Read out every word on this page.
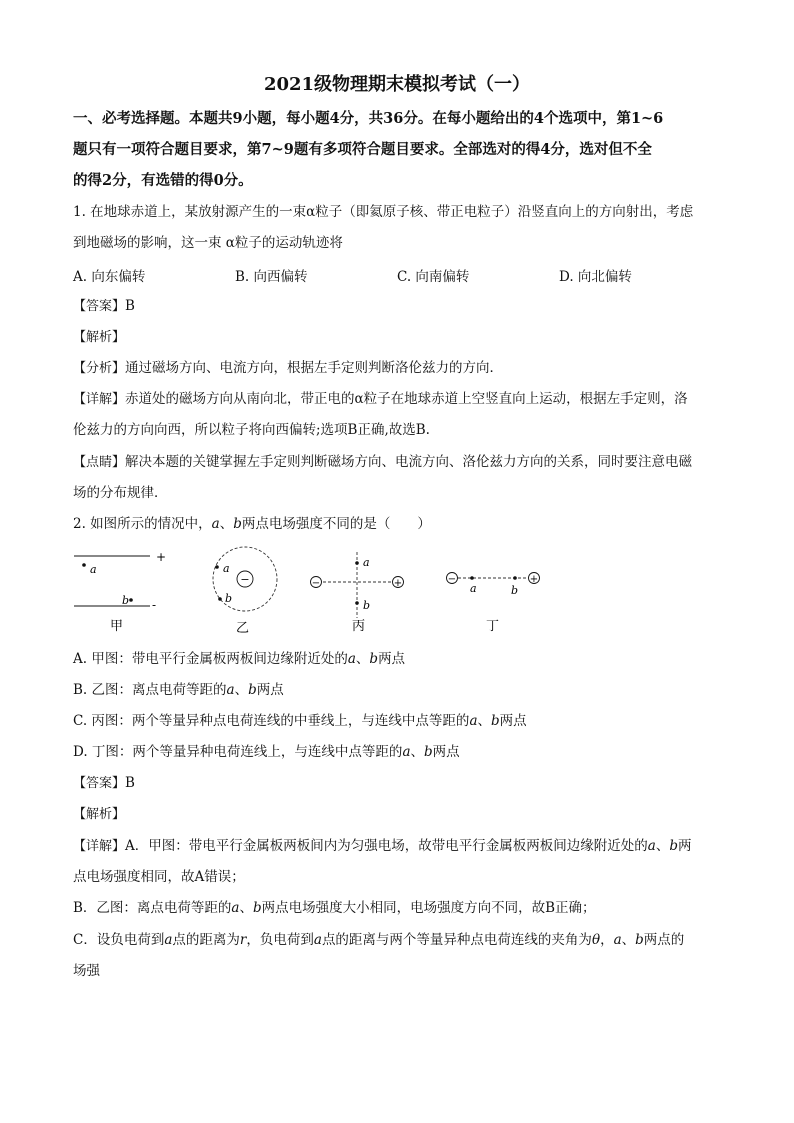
2021级物理期末模拟考试（一）
一、必考选择题。本题共9小题，每小题4分，共36分。在每小题给出的4个选项中，第1~6
题只有一项符合题目要求，第7~9题有多项符合题目要求。全部选对的得4分，选对但不全
的得2分，有选错的得0分。
1. 在地球赤道上，某放射源产生的一束α粒子（即氦原子核、带正电粒子）沿竖直向上的方向射出，考虑
到地磁场的影响，这一束 α粒子的运动轨迹将
A. 向东偏转	B. 向西偏转	C. 向南偏转	D. 向北偏转
【答案】B
【解析】
【分析】通过磁场方向、电流方向，根据左手定则判断洛伦兹力的方向．
【详解】赤道处的磁场方向从南向北，带正电的α粒子在地球赤道上空竖直向上运动，根据左手定则，洛
伦兹力的方向向西，所以粒子将向西偏转;选项B正确,故选B.
【点睛】解决本题的关键掌握左手定则判断磁场方向、电流方向、洛伦兹力方向的关系，同时要注意电磁
场的分布规律．
2. 如图所示的情况中，a、b两点电场强度不同的是（　　）
+
a
-
b
甲
−
a
b
乙
−	+
a
b
丙
−	+
a	b
丁
A. 甲图：带电平行金属板两板间边缘附近处的a、b两点
B. 乙图：离点电荷等距的a、b两点
C. 丙图：两个等量异种点电荷连线的中垂线上，与连线中点等距的a、b两点
D. 丁图：两个等量异种电荷连线上，与连线中点等距的a、b两点
【答案】B
【解析】
【详解】A．甲图：带电平行金属板两板间内为匀强电场，故带电平行金属板两板间边缘附近处的a、b两
点电场强度相同，故A错误；
B．乙图：离点电荷等距的a、b两点电场强度大小相同，电场强度方向不同，故B正确；
C．设负电荷到a点的距离为r，负电荷到a点的距离与两个等量异种点电荷连线的夹角为θ，a、b两点的
场强
